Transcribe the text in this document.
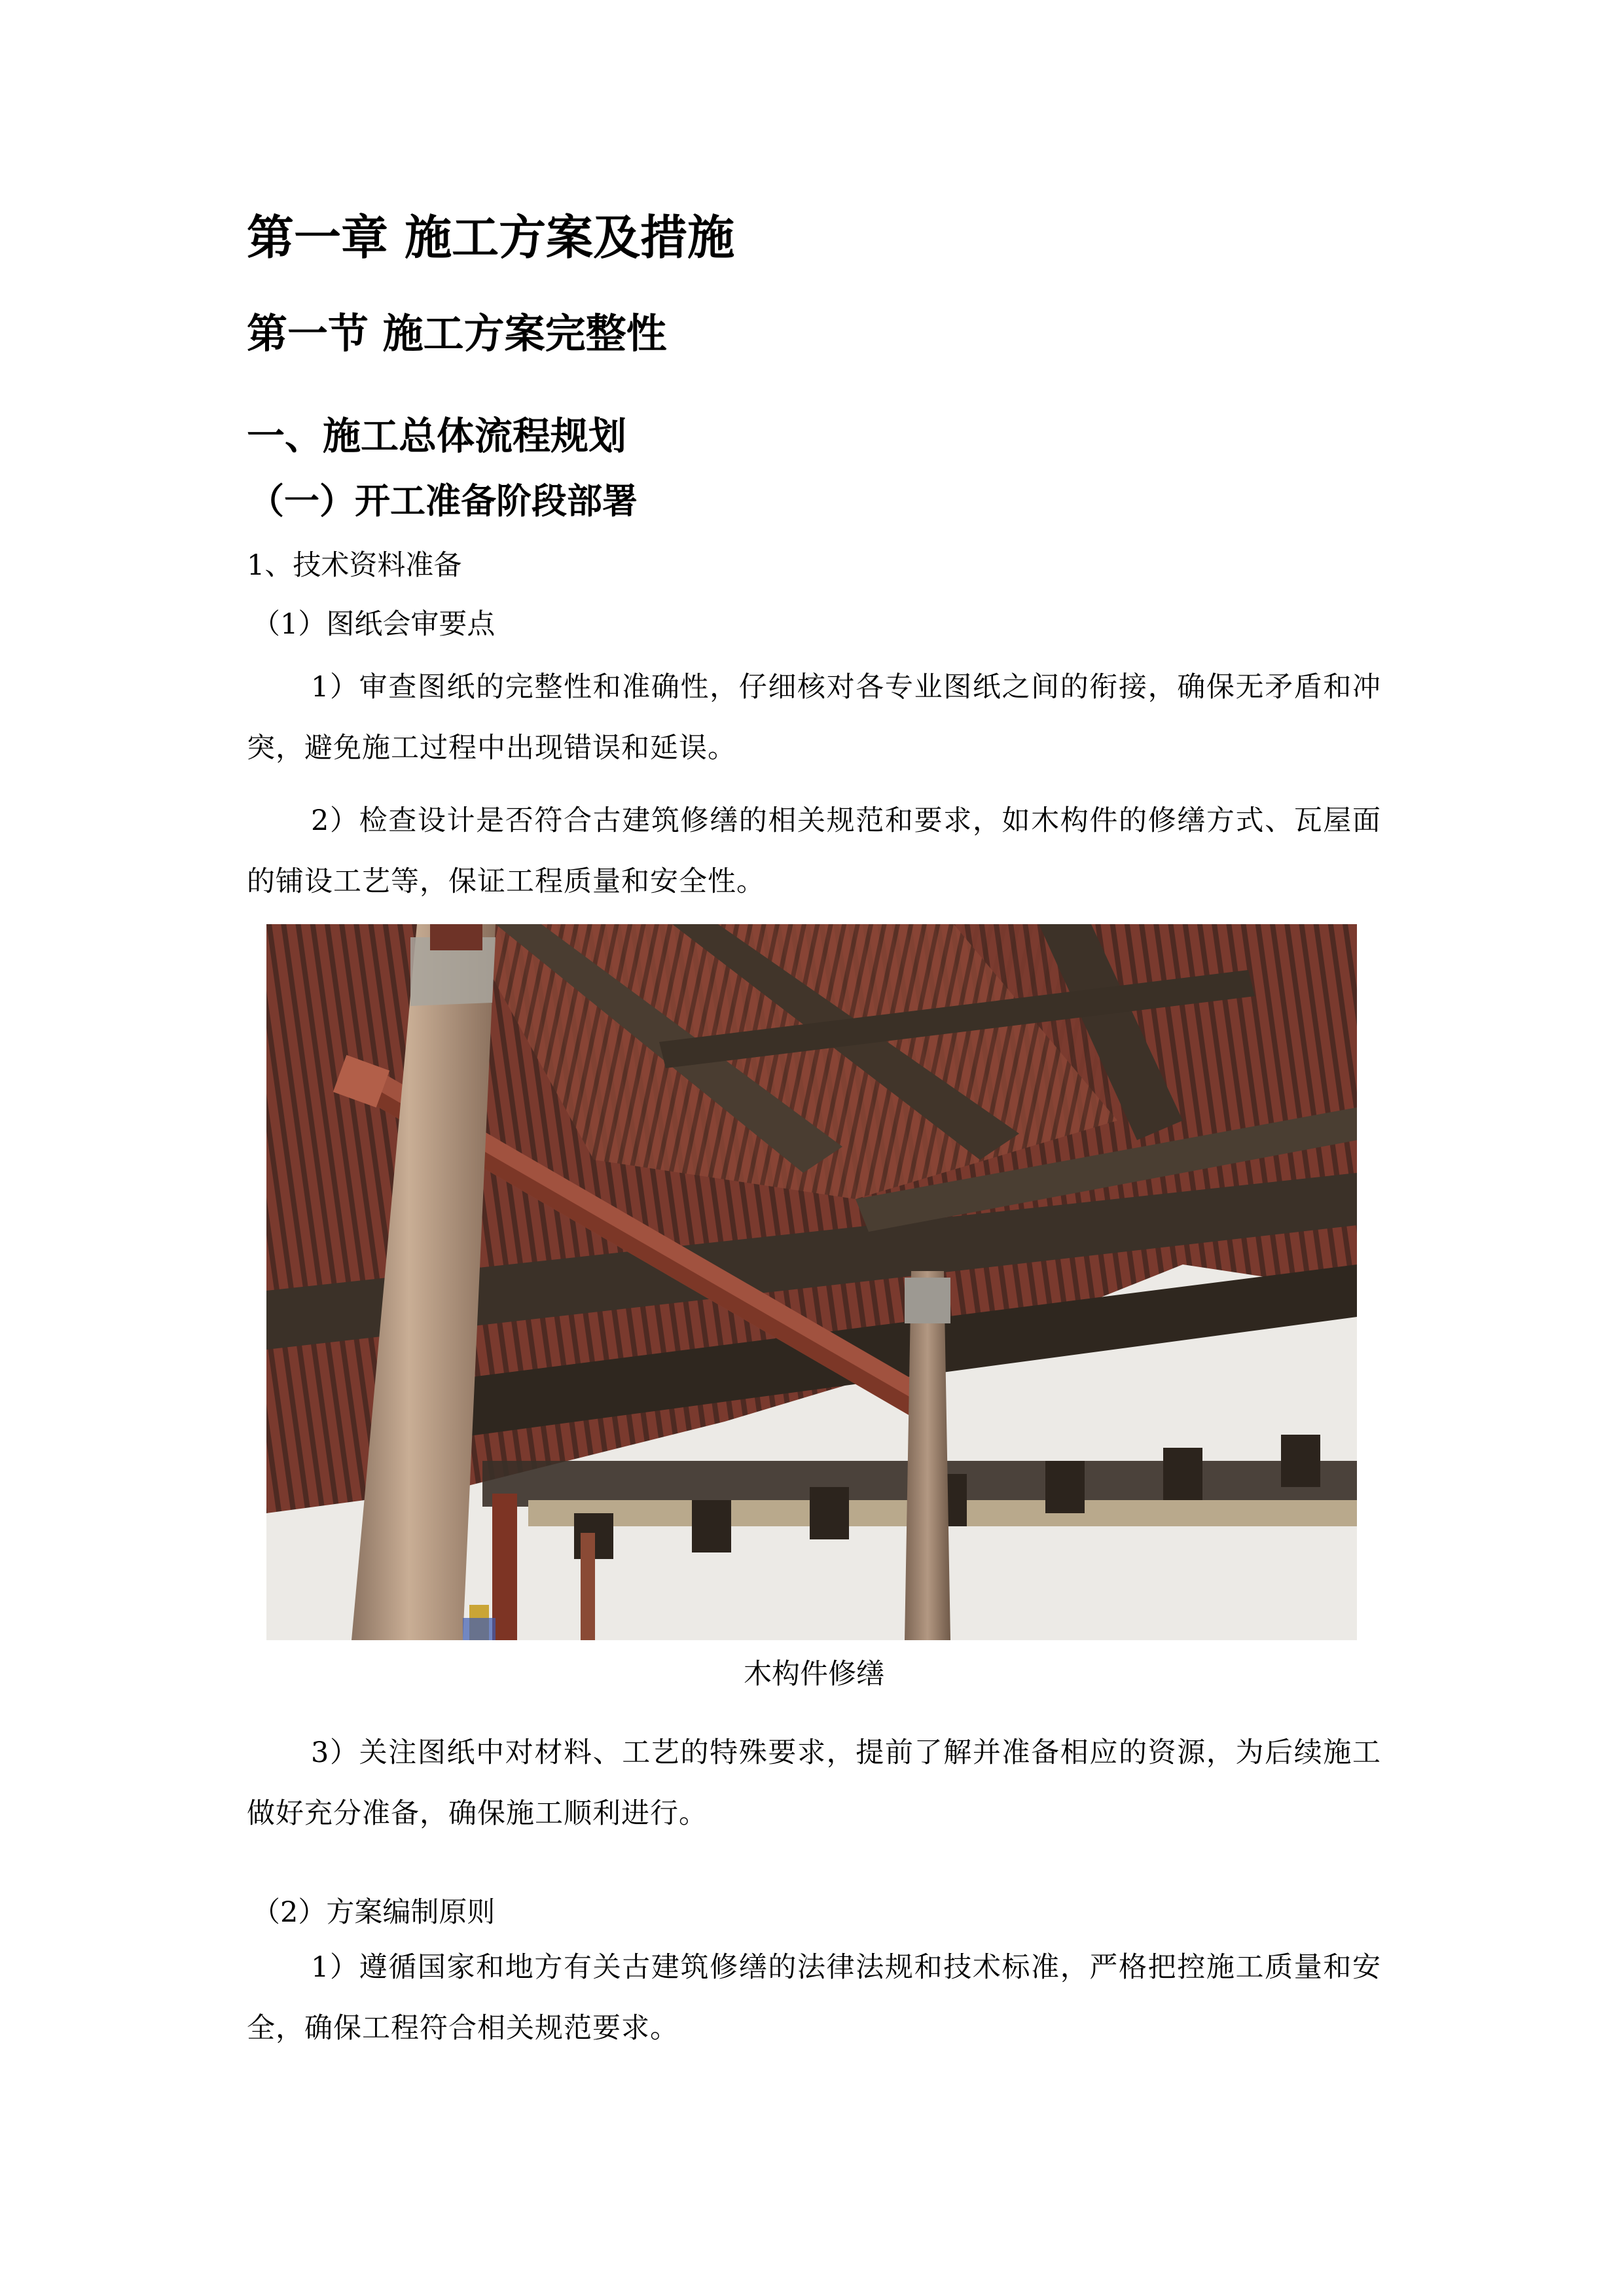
第一章 施工方案及措施
第一节 施工方案完整性
一、施工总体流程规划
（一）开工准备阶段部署
1、技术资料准备
（1）图纸会审要点

1）审查图纸的完整性和准确性，仔细核对各专业图纸之间的衔接，确保无矛盾和冲突，避免施工过程中出现错误和延误。

2）检查设计是否符合古建筑修缮的相关规范和要求，如木构件的修缮方式、瓦屋面的铺设工艺等，保证工程质量和安全性。

木构件修缮

3）关注图纸中对材料、工艺的特殊要求，提前了解并准备相应的资源，为后续施工做好充分准备，确保施工顺利进行。

（2）方案编制原则

1）遵循国家和地方有关古建筑修缮的法律法规和技术标准，严格把控施工质量和安全，确保工程符合相关规范要求。
